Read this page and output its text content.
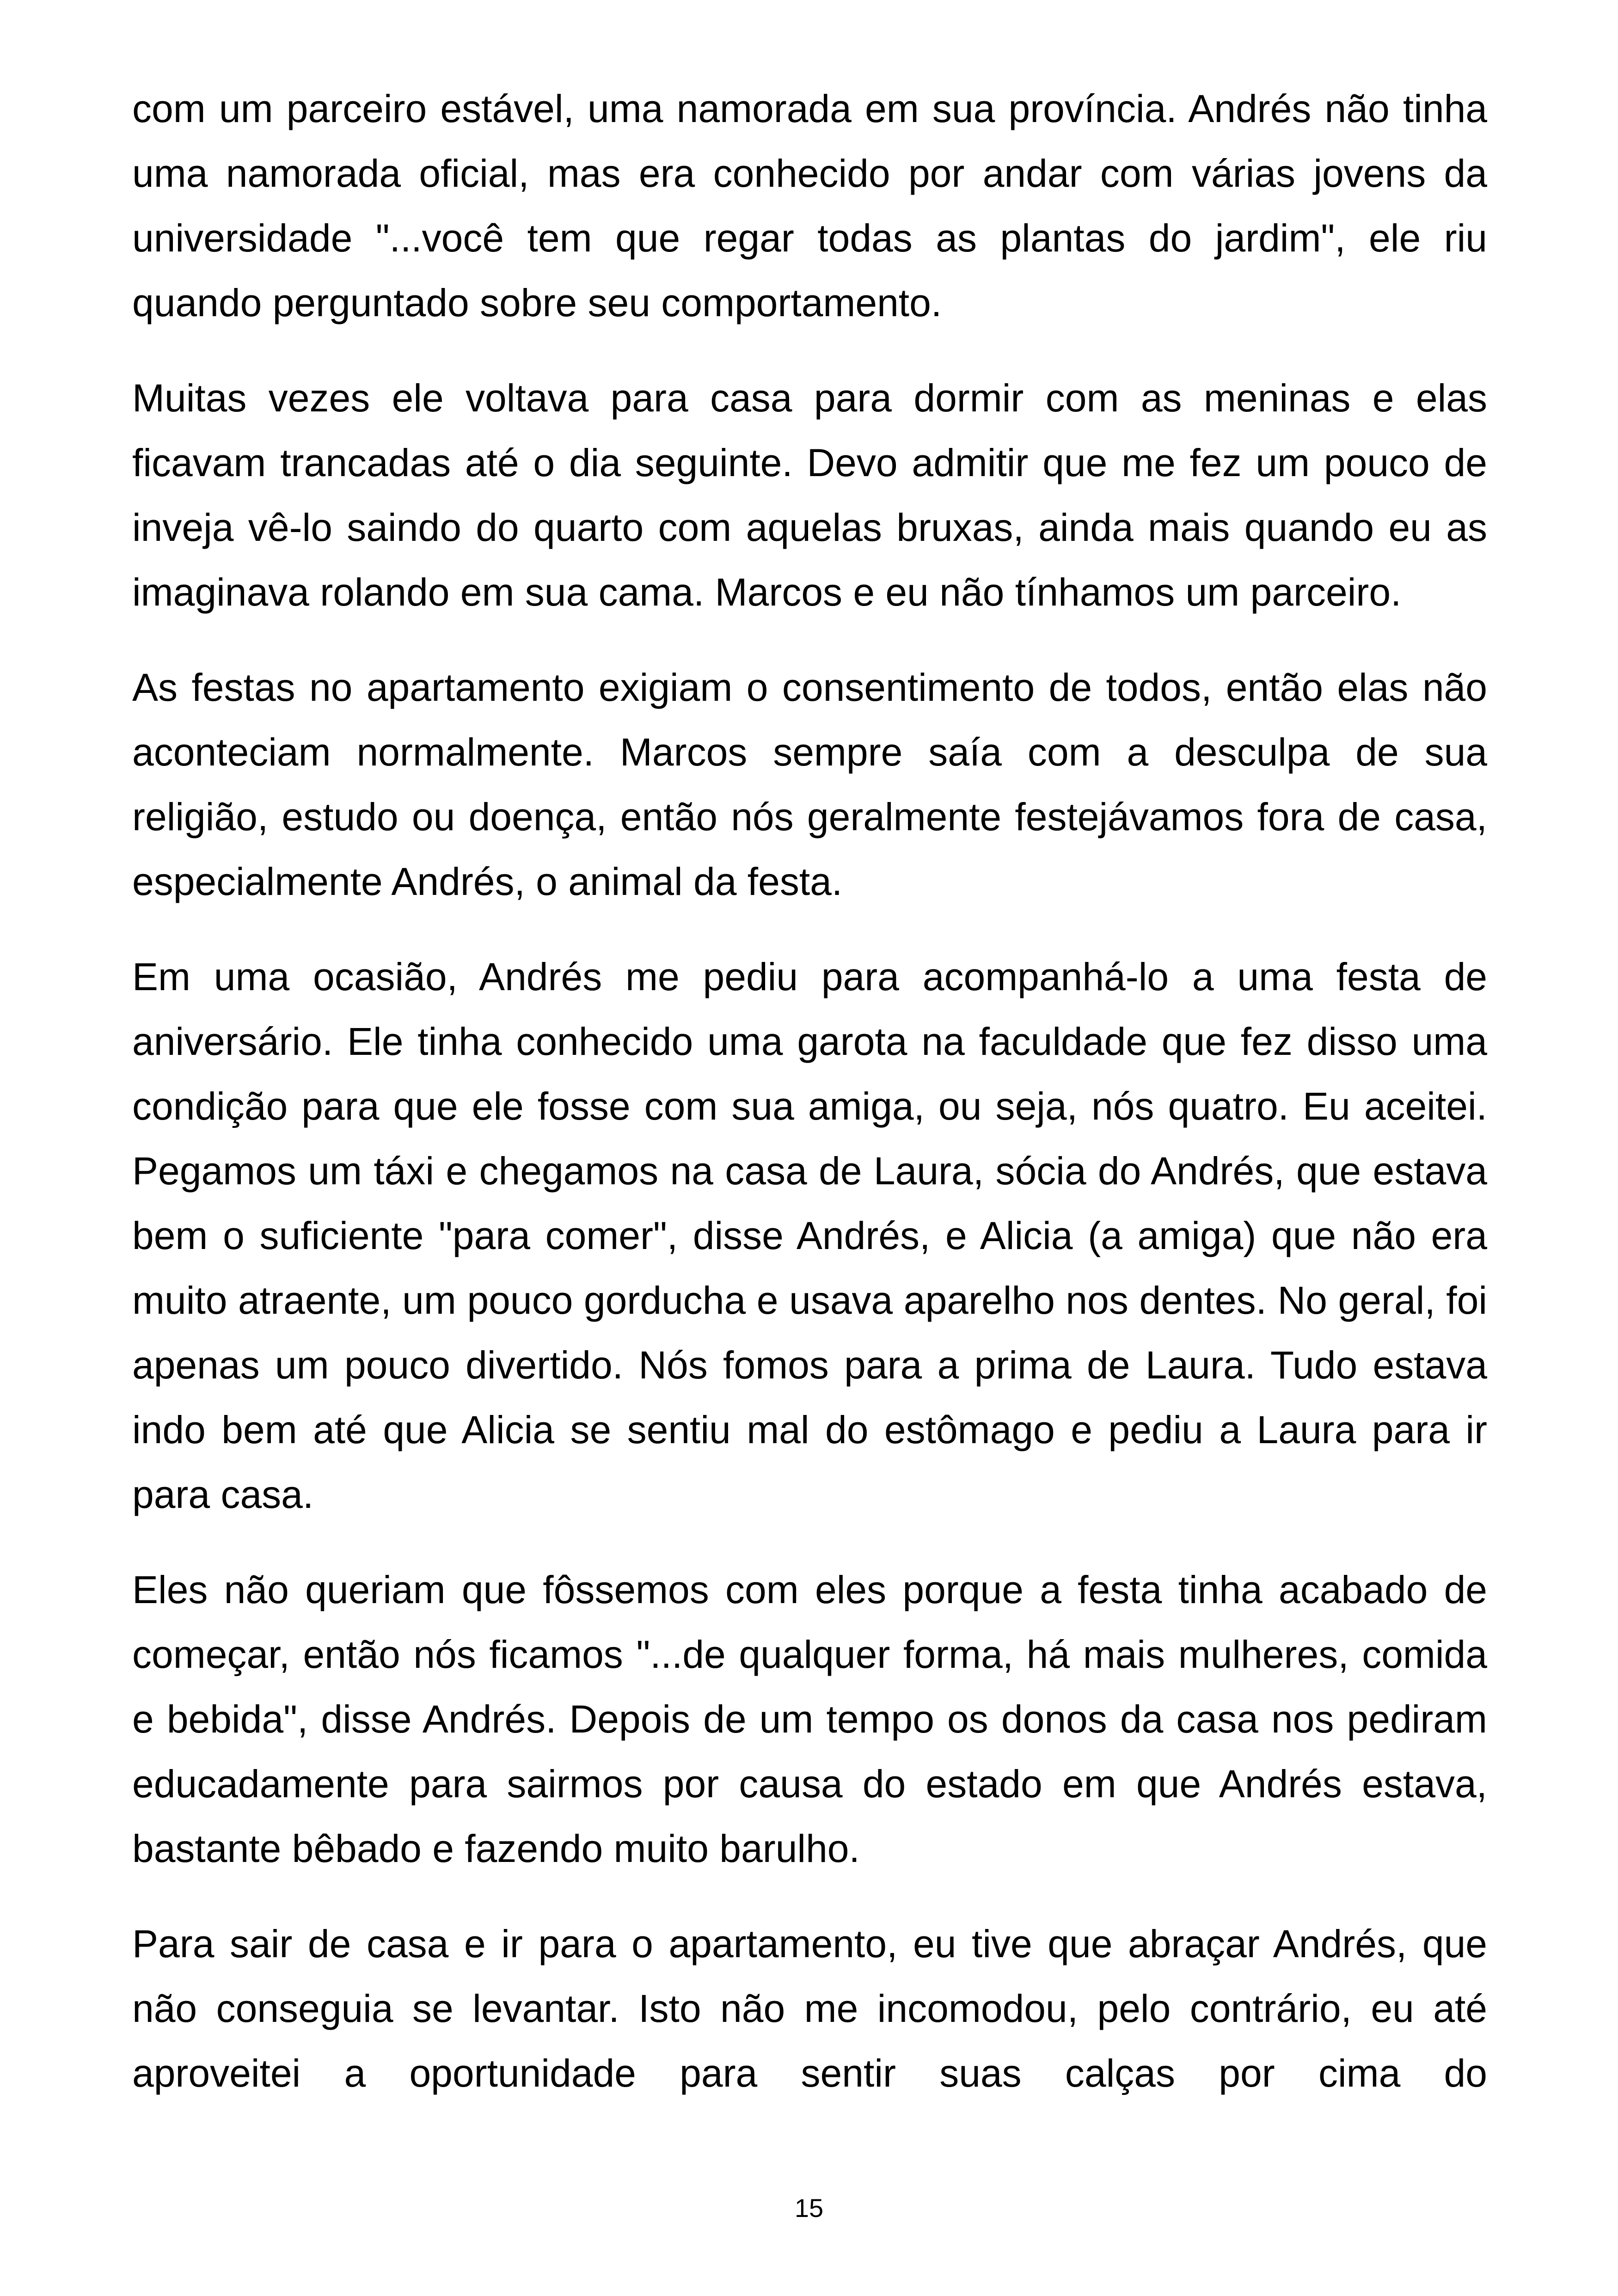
com um parceiro estável, uma namorada em sua província. Andrés não tinha uma namorada oficial, mas era conhecido por andar com várias jovens da universidade "...você tem que regar todas as plantas do jardim", ele riu quando perguntado sobre seu comportamento.

Muitas vezes ele voltava para casa para dormir com as meninas e elas ficavam trancadas até o dia seguinte. Devo admitir que me fez um pouco de inveja vê-lo saindo do quarto com aquelas bruxas, ainda mais quando eu as imaginava rolando em sua cama. Marcos e eu não tínhamos um parceiro.

As festas no apartamento exigiam o consentimento de todos, então elas não aconteciam normalmente. Marcos sempre saía com a desculpa de sua religião, estudo ou doença, então nós geralmente festejávamos fora de casa, especialmente Andrés, o animal da festa.

Em uma ocasião, Andrés me pediu para acompanhá-lo a uma festa de aniversário. Ele tinha conhecido uma garota na faculdade que fez disso uma condição para que ele fosse com sua amiga, ou seja, nós quatro. Eu aceitei. Pegamos um táxi e chegamos na casa de Laura, sócia do Andrés, que estava bem o suficiente "para comer", disse Andrés, e Alicia (a amiga) que não era muito atraente, um pouco gorducha e usava aparelho nos dentes. No geral, foi apenas um pouco divertido. Nós fomos para a prima de Laura. Tudo estava indo bem até que Alicia se sentiu mal do estômago e pediu a Laura para ir para casa.

Eles não queriam que fôssemos com eles porque a festa tinha acabado de começar, então nós ficamos "...de qualquer forma, há mais mulheres, comida e bebida", disse Andrés. Depois de um tempo os donos da casa nos pediram educadamente para sairmos por causa do estado em que Andrés estava, bastante bêbado e fazendo muito barulho.

Para sair de casa e ir para o apartamento, eu tive que abraçar Andrés, que não conseguia se levantar. Isto não me incomodou, pelo contrário, eu até aproveitei a oportunidade para sentir suas calças por cima do

15
